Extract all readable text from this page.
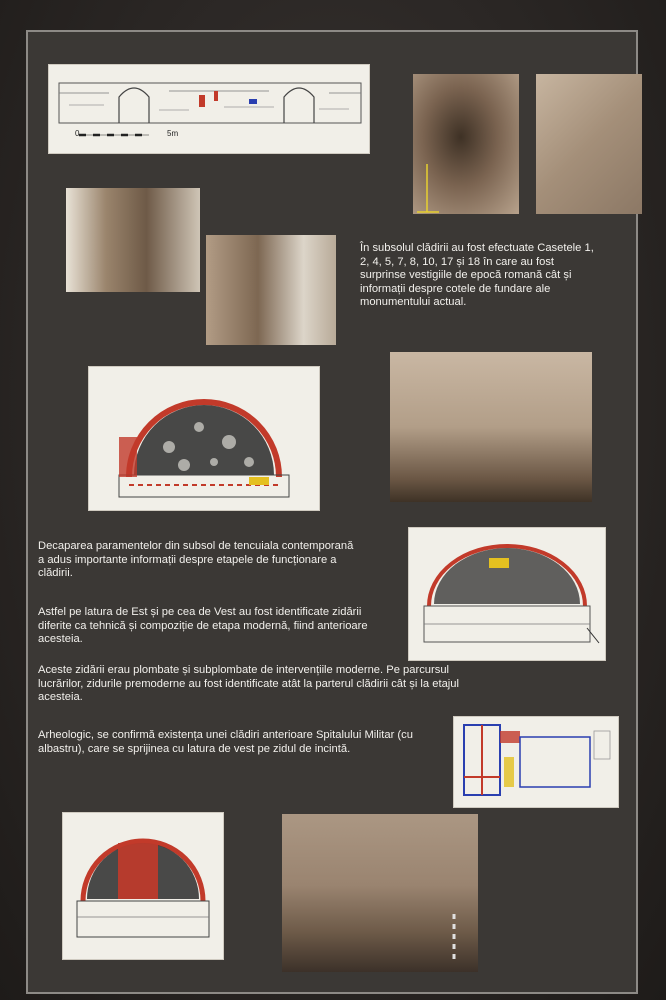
0	5m

În subsolul clădirii au fost efectuate Casetele 1, 2, 4, 5, 7, 8, 10, 17 și 18 în care au fost surprinse vestigiile de epocă romană cât și informații despre cotele de fundare ale monumentului actual.

Decaparea paramentelor din subsol de tencuiala contemporană a adus importante informații despre etapele de funcționare a clădirii.

Astfel pe latura de Est și pe cea de Vest au fost identificate zidării diferite ca tehnică și compoziție de etapa modernă, fiind anterioare acesteia.

Aceste zidării erau plombate și subplombate de intervențiile moderne. Pe parcursul lucrărilor, zidurile premoderne au fost identificate atât la parterul clădirii cât și la etajul acesteia.

Arheologic, se confirmă existența unei clădiri anterioare Spitalului Militar (cu albastru), care se sprijinea cu latura de vest pe zidul de incintă.
